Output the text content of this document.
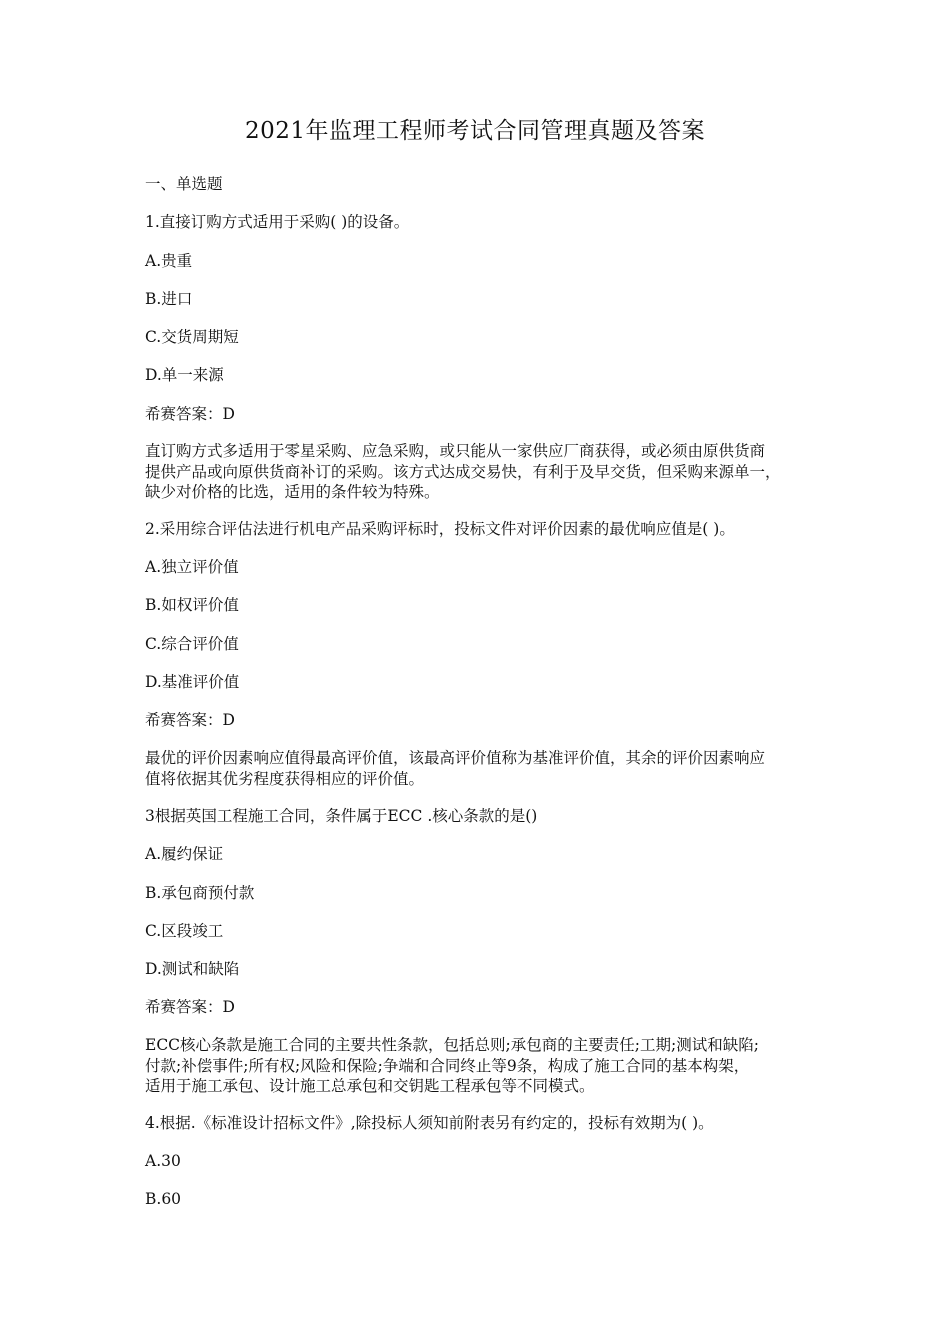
2021年监理工程师考试合同管理真题及答案

一、单选题

1.直接订购方式适用于采购( )的设备。

A.贵重

B.进口

C.交货周期短

D.单一来源

希赛答案：D

直订购方式多适用于零星采购、应急采购，或只能从一家供应厂商获得，或必须由原供货商
提供产品或向原供货商补订的采购。该方式达成交易快，有利于及早交货，但采购来源单一，
缺少对价格的比选，适用的条件较为特殊。

2.采用综合评估法进行机电产品采购评标时，投标文件对评价因素的最优响应值是( )。

A.独立评价值

B.如权评价值

C.综合评价值

D.基准评价值

希赛答案：D

最优的评价因素响应值得最高评价值，该最高评价值称为基准评价值，其余的评价因素响应
值将依据其优劣程度获得相应的评价值。

3根据英国工程施工合同，条件属于ECC .核心条款的是()

A.履约保证

B.承包商预付款

C.区段竣工

D.测试和缺陷

希赛答案：D

ECC核心条款是施工合同的主要共性条款，包括总则;承包商的主要责任;工期;测试和缺陷;
付款;补偿事件;所有权;风险和保险;争端和合同终止等9条，构成了施工合同的基本构架，
适用于施工承包、设计施工总承包和交钥匙工程承包等不同模式。

4.根据.《标准设计招标文件》,除投标人须知前附表另有约定的，投标有效期为( )。

A.30

B.60
